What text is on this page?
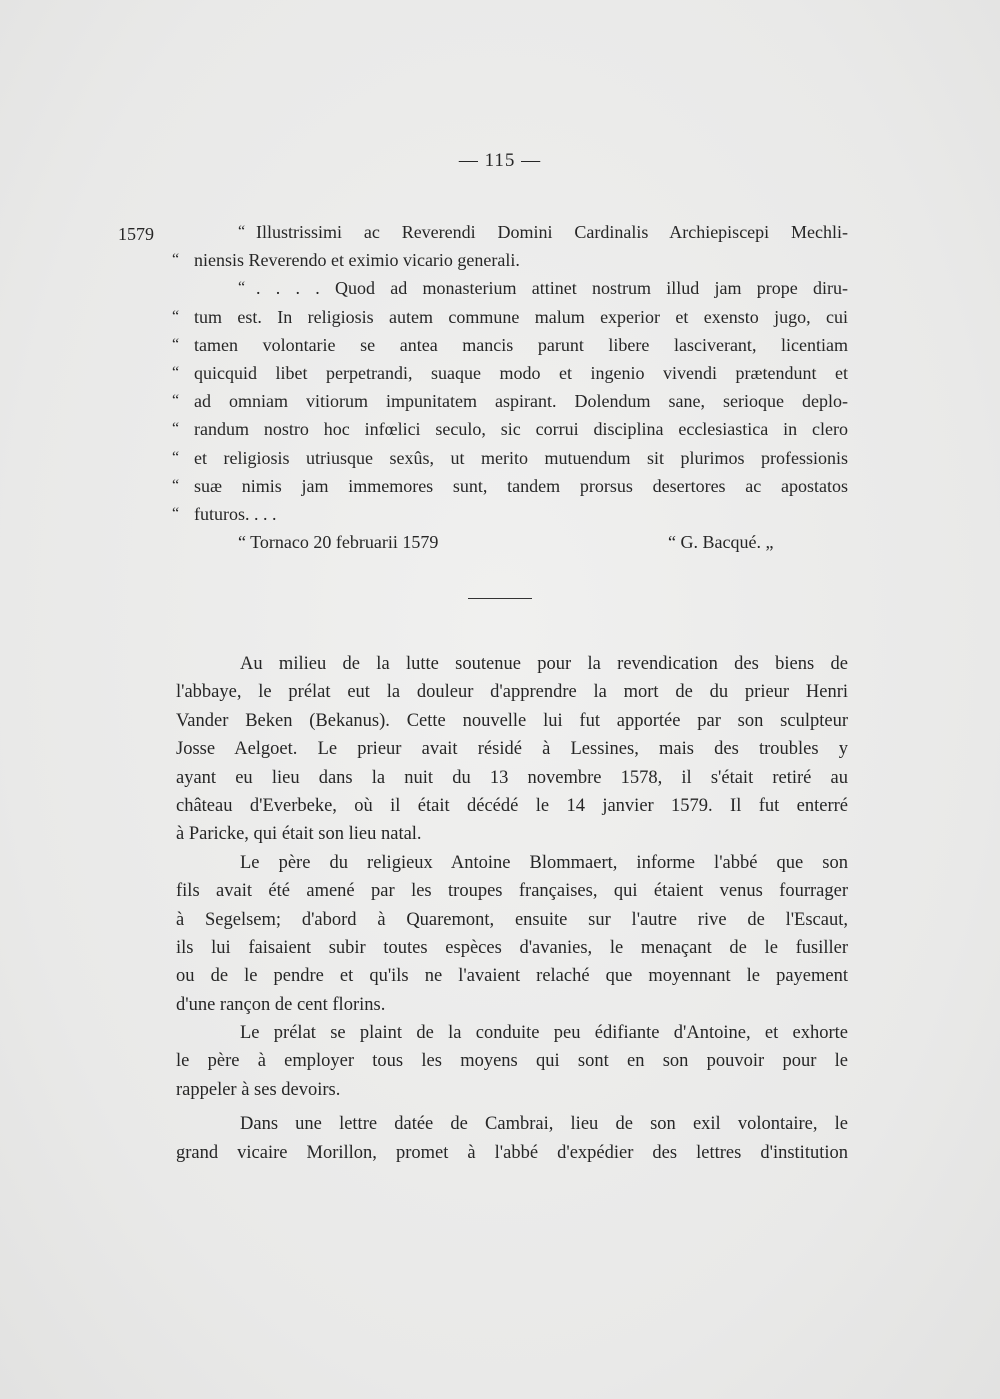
— 115 —
1579	“ Illustrissimi ac Reverendi Domini Cardinalis Archiepiscepi Mechli-
“ niensis Reverendo et eximio vicario generali.
“ . . . . Quod ad monasterium attinet nostrum illud jam prope diru-
“ tum est. In religiosis autem commune malum experior et exensto jugo, cui
“ tamen volontarie se antea mancis parunt libere lasciverant, licentiam
“ quicquid libet perpetrandi, suaque modo et ingenio vivendi prætendunt et
“ ad omniam vitiorum impunitatem aspirant. Dolendum sane, serioque deplo-
“ randum nostro hoc infœlici seculo, sic corrui disciplina ecclesiastica in clero
“ et religiosis utriusque sexûs, ut merito mutuendum sit plurimos professionis
“ suæ nimis jam immemores sunt, tandem prorsus desertores ac apostatos
“ futuros. . . .
“ Tornaco 20 februarii 1579	“ G. Bacqué. „
Au milieu de la lutte soutenue pour la revendication des biens de
l'abbaye, le prélat eut la douleur d'apprendre la mort de du prieur Henri
Vander Beken (Bekanus). Cette nouvelle lui fut apportée par son sculpteur
Josse Aelgoet. Le prieur avait résidé à Lessines, mais des troubles y
ayant eu lieu dans la nuit du 13 novembre 1578, il s'était retiré au
château d'Everbeke, où il était décédé le 14 janvier 1579. Il fut enterré
à Paricke, qui était son lieu natal.
Le père du religieux Antoine Blommaert, informe l'abbé que son
fils avait été amené par les troupes françaises, qui étaient venus fourrager
à Segelsem; d'abord à Quaremont, ensuite sur l'autre rive de l'Escaut,
ils lui faisaient subir toutes espèces d'avanies, le menaçant de le fusiller
ou de le pendre et qu'ils ne l'avaient relaché que moyennant le payement
d'une rançon de cent florins.
Le prélat se plaint de la conduite peu édifiante d'Antoine, et exhorte
le père à employer tous les moyens qui sont en son pouvoir pour le
rappeler à ses devoirs.
Dans une lettre datée de Cambrai, lieu de son exil volontaire, le
grand vicaire Morillon, promet à l'abbé d'expédier des lettres d'institution
